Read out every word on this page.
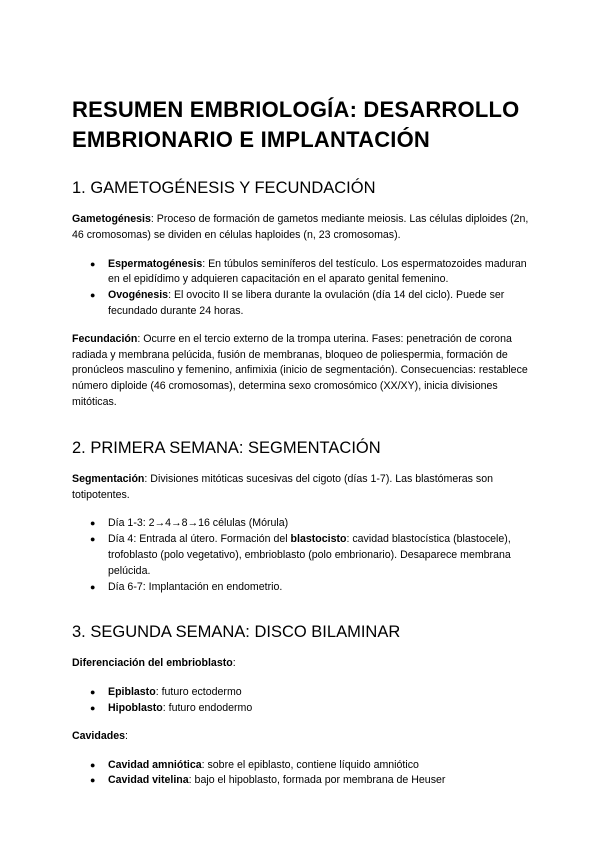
RESUMEN EMBRIOLOGÍA: DESARROLLO EMBRIONARIO E IMPLANTACIÓN
1. GAMETOGÉNESIS Y FECUNDACIÓN

Gametogénesis: Proceso de formación de gametos mediante meiosis. Las células diploides (2n, 46 cromosomas) se dividen en células haploides (n, 23 cromosomas).

● Espermatogénesis: En túbulos seminíferos del testículo. Los espermatozoides maduran en el epidídimo y adquieren capacitación en el aparato genital femenino.
● Ovogénesis: El ovocito II se libera durante la ovulación (día 14 del ciclo). Puede ser fecundado durante 24 horas.

Fecundación: Ocurre en el tercio externo de la trompa uterina. Fases: penetración de corona radiada y membrana pelúcida, fusión de membranas, bloqueo de poliespermia, formación de pronúcleos masculino y femenino, anfimixia (inicio de segmentación). Consecuencias: restablece número diploide (46 cromosomas), determina sexo cromosómico (XX/XY), inicia divisiones mitóticas.

2. PRIMERA SEMANA: SEGMENTACIÓN

Segmentación: Divisiones mitóticas sucesivas del cigoto (días 1-7). Las blastómeras son totipotentes.

● Día 1-3: 2→4→8→16 células (Mórula)
● Día 4: Entrada al útero. Formación del blastocisto: cavidad blastocística (blastocele), trofoblasto (polo vegetativo), embrioblasto (polo embrionario). Desaparece membrana pelúcida.
● Día 6-7: Implantación en endometrio.
3. SEGUNDA SEMANA: DISCO BILAMINAR

Diferenciación del embrioblasto:

● Epiblasto: futuro ectodermo
● Hipoblasto: futuro endodermo

Cavidades:

● Cavidad amniótica: sobre el epiblasto, contiene líquido amniótico
● Cavidad vitelina: bajo el hipoblasto, formada por membrana de Heuser
